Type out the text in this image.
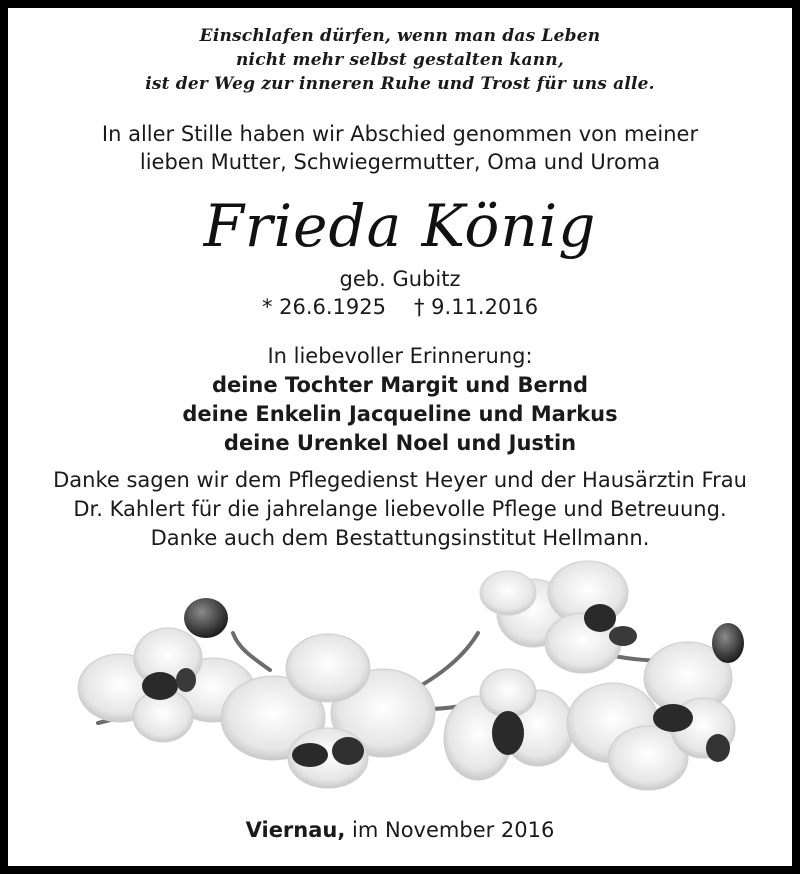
Einschlafen dürfen, wenn man das Leben
nicht mehr selbst gestalten kann,
ist der Weg zur inneren Ruhe und Trost für uns alle.
In aller Stille haben wir Abschied genommen von meiner
lieben Mutter, Schwiegermutter, Oma und Uroma
Frieda König
geb. Gubitz
* 26.6.1925 † 9.11.2016
In liebevoller Erinnerung:
deine Tochter Margit und Bernd
deine Enkelin Jacqueline und Markus
deine Urenkel Noel und Justin
Danke sagen wir dem Pflegedienst Heyer und der Hausärztin Frau
Dr. Kahlert für die jahrelange liebevolle Pflege und Betreuung.
Danke auch dem Bestattungsinstitut Hellmann.
Viernau, im November 2016
